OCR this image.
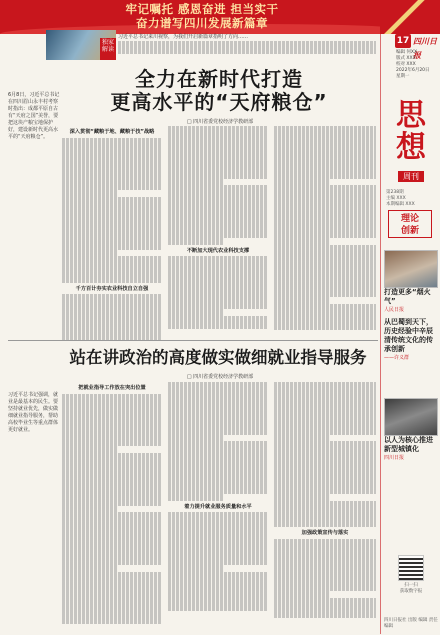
牢记嘱托 感恩奋进 担当实干
奋力谱写四川发展新篇章
17 四川日报
编辑 何XX
版式 XXX
校对 XXX
2022年6月20日
星期一
思想
周刊
第238期
主编 XXX
本期编辑 XXX
理论
创新
打造更多“烟火气”
人民日报
从巴蜀到天下，历史经验中辛辰清传统文化的传承创新
——许义群
以人为核心推进新型城镇化
四川日报
扫一扫
获取数字报
四川日报社 出版 编辑 责任编辑
习近平总书记来川视察，为我们开启新篇章指明了方向……
独家解读
全力在新时代打造
更高水平的“天府粮仓”
□ 四川省委党校经济学教研部
6月8日，习近平总书记在四川眉山永丰村考察时指出：成都平原自古有“天府之国”美誉，要把这块产粮宝地保护好，建设新时代更高水平的“天府粮仓”。

深入贯彻“藏粮于地、藏粮于技”战略

千方百计夯实农业科技自立自强

不断加大现代农业科技支撑

站在讲政治的高度做实做细就业指导服务
□ 四川省委党校经济学教研部
习近平总书记强调，就业是最基本的民生。要坚持就业优先，做实做细就业指导服务，帮助高校毕业生等重点群体更好就业。

把就业指导工作放在突出位置

着力提升就业服务质量和水平

加强政策宣传与落实
